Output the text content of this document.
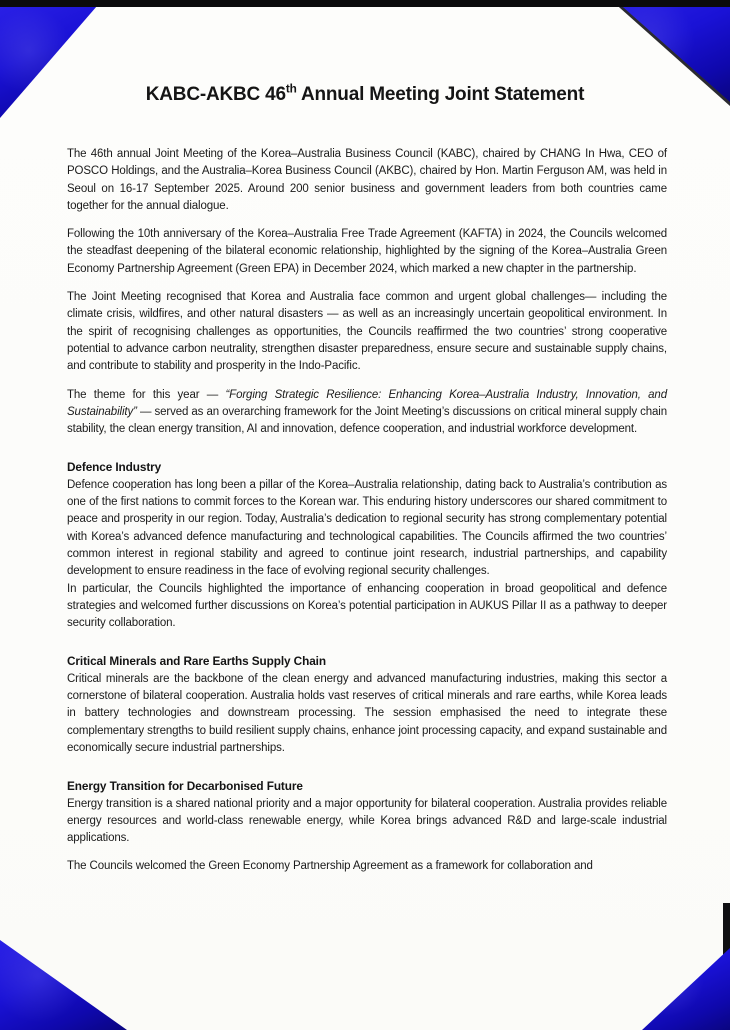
KABC-AKBC 46th Annual Meeting Joint Statement

The 46th annual Joint Meeting of the Korea–Australia Business Council (KABC), chaired by CHANG In Hwa, CEO of POSCO Holdings, and the Australia–Korea Business Council (AKBC), chaired by Hon. Martin Ferguson AM, was held in Seoul on 16-17 September 2025. Around 200 senior business and government leaders from both countries came together for the annual dialogue.

Following the 10th anniversary of the Korea–Australia Free Trade Agreement (KAFTA) in 2024, the Councils welcomed the steadfast deepening of the bilateral economic relationship, highlighted by the signing of the Korea–Australia Green Economy Partnership Agreement (Green EPA) in December 2024, which marked a new chapter in the partnership.

The Joint Meeting recognised that Korea and Australia face common and urgent global challenges— including the climate crisis, wildfires, and other natural disasters — as well as an increasingly uncertain geopolitical environment. In the spirit of recognising challenges as opportunities, the Councils reaffirmed the two countries’ strong cooperative potential to advance carbon neutrality, strengthen disaster preparedness, ensure secure and sustainable supply chains, and contribute to stability and prosperity in the Indo-Pacific.

The theme for this year — “Forging Strategic Resilience: Enhancing Korea–Australia Industry, Innovation, and Sustainability” — served as an overarching framework for the Joint Meeting’s discussions on critical mineral supply chain stability, the clean energy transition, AI and innovation, defence cooperation, and industrial workforce development.

Defence Industry

Defence cooperation has long been a pillar of the Korea–Australia relationship, dating back to Australia’s contribution as one of the first nations to commit forces to the Korean war. This enduring history underscores our shared commitment to peace and prosperity in our region. Today, Australia’s dedication to regional security has strong complementary potential with Korea’s advanced defence manufacturing and technological capabilities. The Councils affirmed the two countries’ common interest in regional stability and agreed to continue joint research, industrial partnerships, and capability development to ensure readiness in the face of evolving regional security challenges.

In particular, the Councils highlighted the importance of enhancing cooperation in broad geopolitical and defence strategies and welcomed further discussions on Korea’s potential participation in AUKUS Pillar II as a pathway to deeper security collaboration.

Critical Minerals and Rare Earths Supply Chain

Critical minerals are the backbone of the clean energy and advanced manufacturing industries, making this sector a cornerstone of bilateral cooperation. Australia holds vast reserves of critical minerals and rare earths, while Korea leads in battery technologies and downstream processing. The session emphasised the need to integrate these complementary strengths to build resilient supply chains, enhance joint processing capacity, and expand sustainable and economically secure industrial partnerships.

Energy Transition for Decarbonised Future

Energy transition is a shared national priority and a major opportunity for bilateral cooperation. Australia provides reliable energy resources and world-class renewable energy, while Korea brings advanced R&D and large-scale industrial applications.

The Councils welcomed the Green Economy Partnership Agreement as a framework for collaboration and
